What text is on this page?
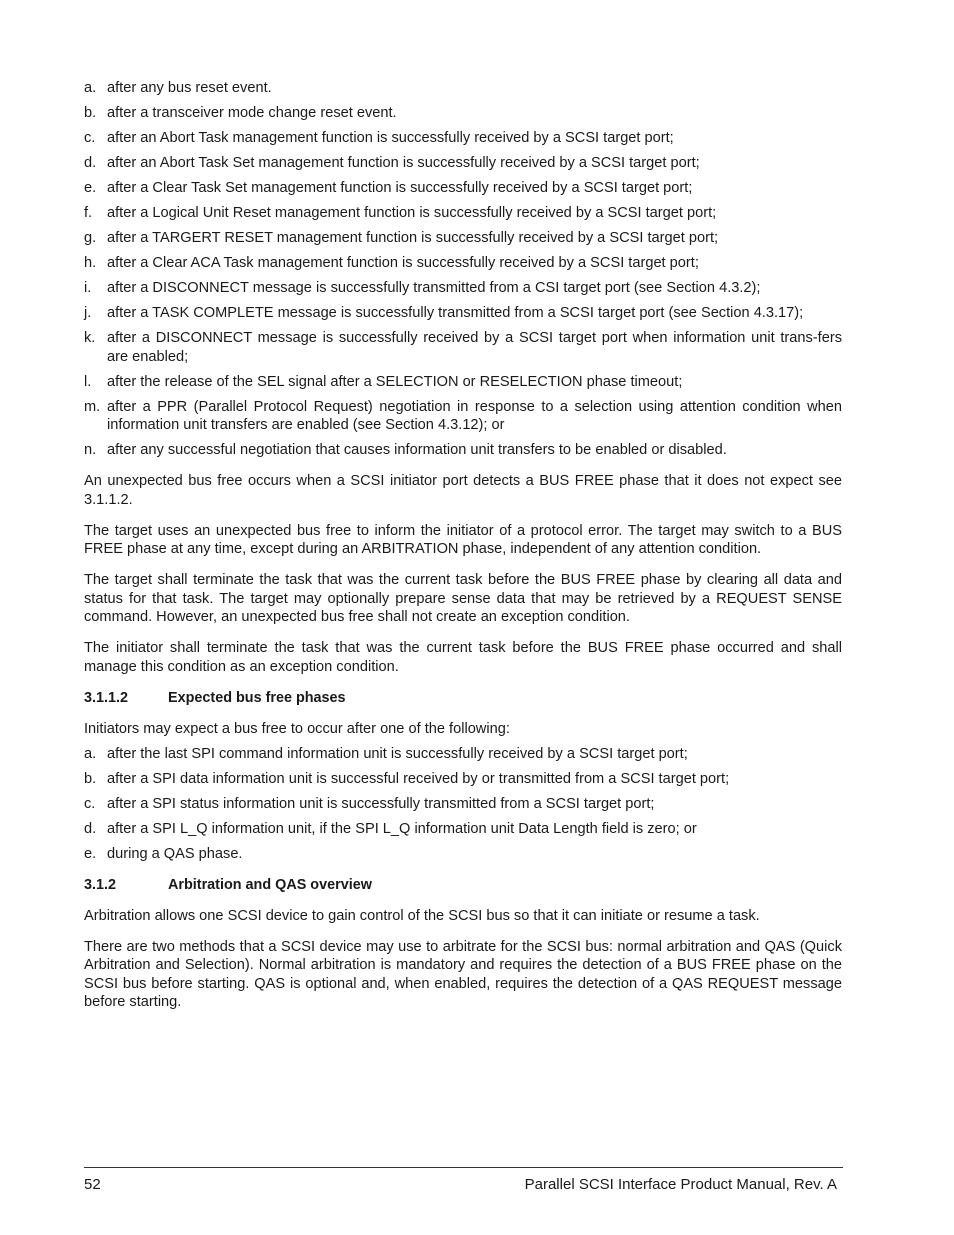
a. after any bus reset event.
b. after a transceiver mode change reset event.
c. after an Abort Task management function is successfully received by a SCSI target port;
d. after an Abort Task Set management function is successfully received by a SCSI target port;
e. after a Clear Task Set management function is successfully received by a SCSI target port;
f.	after a Logical Unit Reset management function is successfully received by a SCSI target port;
g. after a TARGERT RESET management function is successfully received by a SCSI target port;
h. after a Clear ACA Task management function is successfully received by a SCSI target port;
i.	after a DISCONNECT message is successfully transmitted from a CSI target port (see Section 4.3.2);
j.	after a TASK COMPLETE message is successfully transmitted from a SCSI target port (see Section 4.3.17);
k. after a DISCONNECT message is successfully received by a SCSI target port when information unit trans-fers are enabled;
l.	after the release of the SEL signal after a SELECTION or RESELECTION phase timeout;
m. after a PPR (Parallel Protocol Request) negotiation in response to a selection using attention condition when information unit transfers are enabled (see Section 4.3.12); or
n. after any successful negotiation that causes information unit transfers to be enabled or disabled.

An unexpected bus free occurs when a SCSI initiator port detects a BUS FREE phase that it does not expect see 3.1.1.2.

The target uses an unexpected bus free to inform the initiator of a protocol error. The target may switch to a BUS FREE phase at any time, except during an ARBITRATION phase, independent of any attention condition.

The target shall terminate the task that was the current task before the BUS FREE phase by clearing all data and status for that task. The target may optionally prepare sense data that may be retrieved by a REQUEST SENSE command. However, an unexpected bus free shall not create an exception condition.

The initiator shall terminate the task that was the current task before the BUS FREE phase occurred and shall manage this condition as an exception condition.

3.1.1.2	Expected bus free phases

Initiators may expect a bus free to occur after one of the following:

a. after the last SPI command information unit is successfully received by a SCSI target port;
b. after a SPI data information unit is successful received by or transmitted from a SCSI target port;
c. after a SPI status information unit is successfully transmitted from a SCSI target port;
d. after a SPI L_Q information unit, if the SPI L_Q information unit Data Length field is zero; or
e. during a QAS phase.
3.1.2	Arbitration and QAS overview

Arbitration allows one SCSI device to gain control of the SCSI bus so that it can initiate or resume a task.

There are two methods that a SCSI device may use to arbitrate for the SCSI bus: normal arbitration and QAS (Quick Arbitration and Selection). Normal arbitration is mandatory and requires the detection of a BUS FREE phase on the SCSI bus before starting. QAS is optional and, when enabled, requires the detection of a QAS REQUEST message before starting.

52	Parallel SCSI Interface Product Manual, Rev. A
